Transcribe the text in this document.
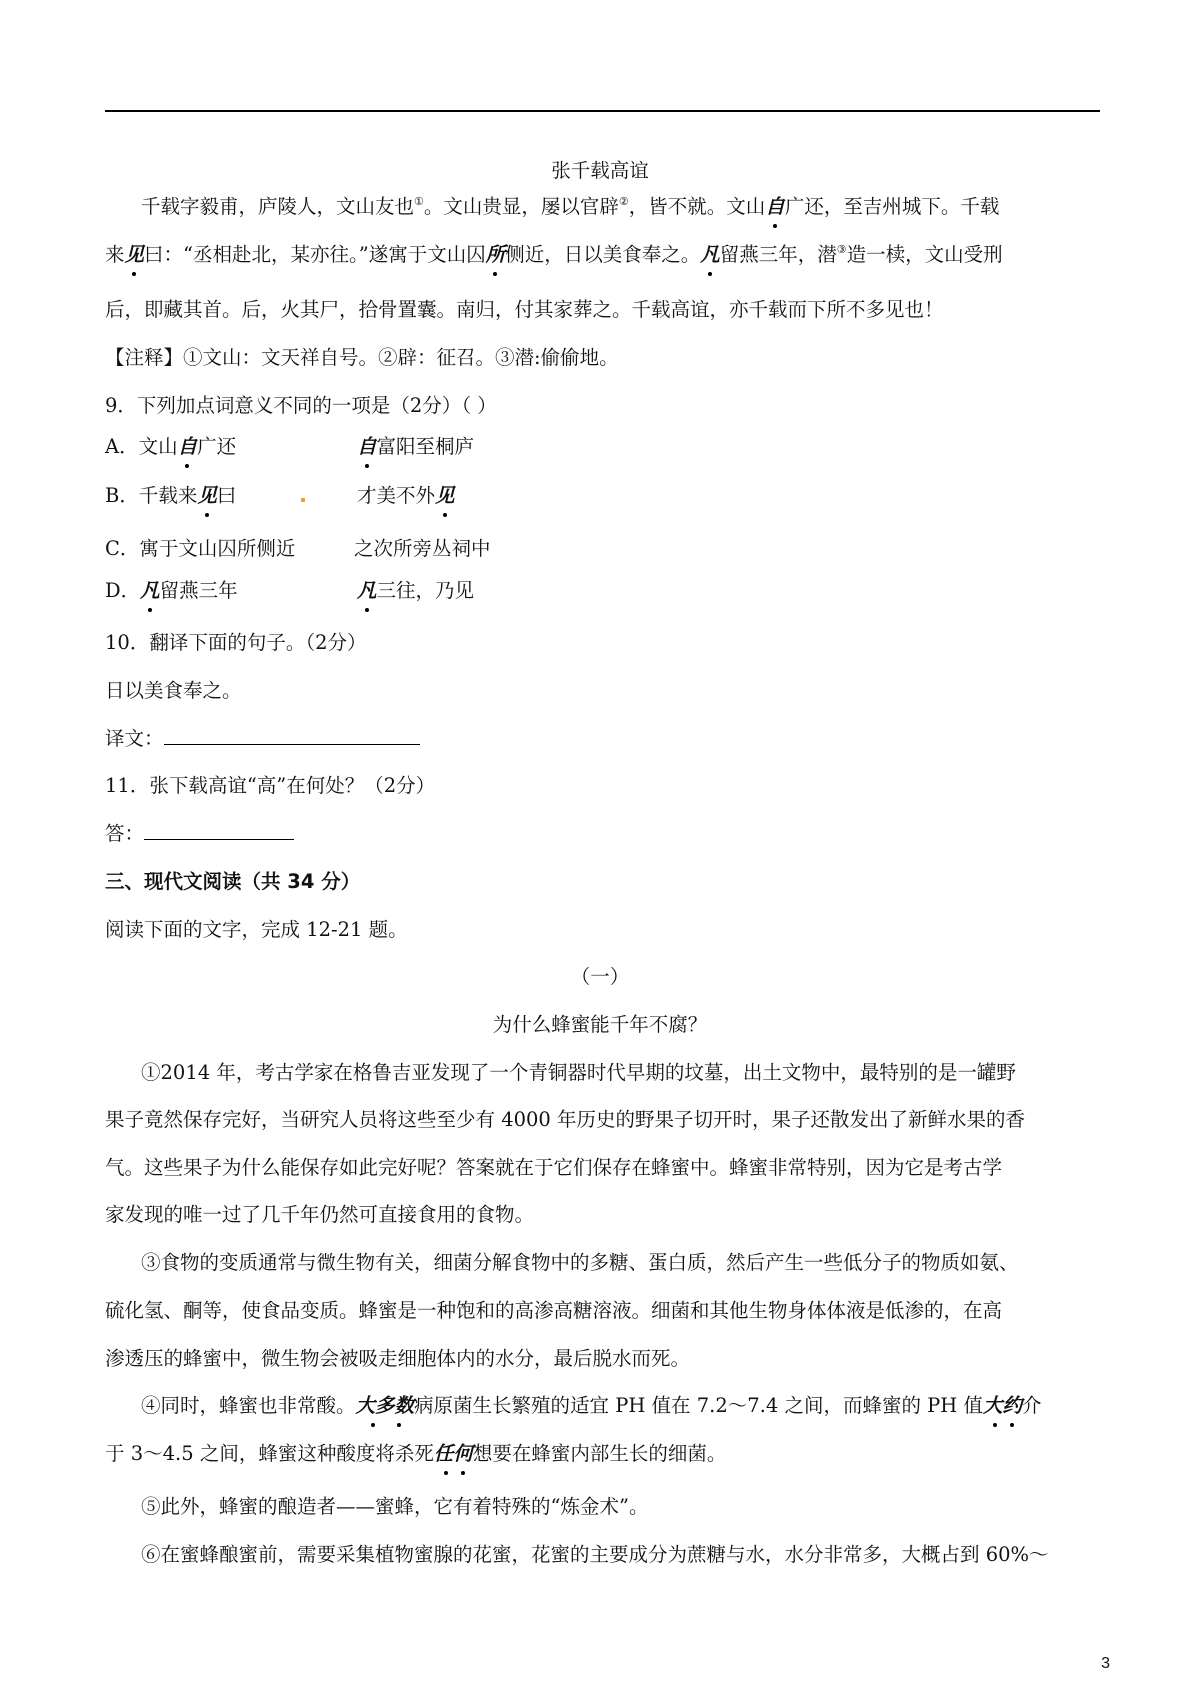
张千载高谊
千载字毅甫，庐陵人，文山友也①。文山贵显，屡以官辟②，皆不就。文山自广还，至吉州城下。千载
来见曰：“丞相赴北，某亦往。”遂寓于文山囚所侧近，日以美食奉之。凡留燕三年，潜③造一椟，文山受刑
后，即藏其首。后，火其尸，拾骨置囊。南归，付其家葬之。千载高谊，亦千载而下所不多见也！
【注释】①文山：文天祥自号。②辟：征召。③潜:偷偷地。
9．下列加点词意义不同的一项是（2分）（ ）
A．文山自广还	自富阳至桐庐
B．千载来见曰	才美不外见
C．寓于文山囚所侧近	之次所旁丛祠中
D．凡留燕三年	凡三往，乃见
10．翻译下面的句子。（2分）
日以美食奉之。
译文：
11．张下载高谊“高”在何处？（2分）
答：
三、现代文阅读（共 34 分）
阅读下面的文字，完成 12-21 题。
（一）
为什么蜂蜜能千年不腐？
①2014 年，考古学家在格鲁吉亚发现了一个青铜器时代早期的坟墓，出土文物中，最特别的是一罐野
果子竟然保存完好，当研究人员将这些至少有 4000 年历史的野果子切开时，果子还散发出了新鲜水果的香
气。这些果子为什么能保存如此完好呢？答案就在于它们保存在蜂蜜中。蜂蜜非常特别，因为它是考古学
家发现的唯一过了几千年仍然可直接食用的食物。
③食物的变质通常与微生物有关，细菌分解食物中的多糖、蛋白质，然后产生一些低分子的物质如氨、
硫化氢、酮等，使食品变质。蜂蜜是一种饱和的高渗高糖溶液。细菌和其他生物身体体液是低渗的，在高
渗透压的蜂蜜中，微生物会被吸走细胞体内的水分，最后脱水而死。
④同时，蜂蜜也非常酸。大多数病原菌生长繁殖的适宜 PH 值在 7.2～7.4 之间，而蜂蜜的 PH 值大约介
于 3～4.5 之间，蜂蜜这种酸度将杀死任何想要在蜂蜜内部生长的细菌。
⑤此外，蜂蜜的酿造者——蜜蜂，它有着特殊的“炼金术”。
⑥在蜜蜂酿蜜前，需要采集植物蜜腺的花蜜，花蜜的主要成分为蔗糖与水，水分非常多，大概占到 60%～
3
